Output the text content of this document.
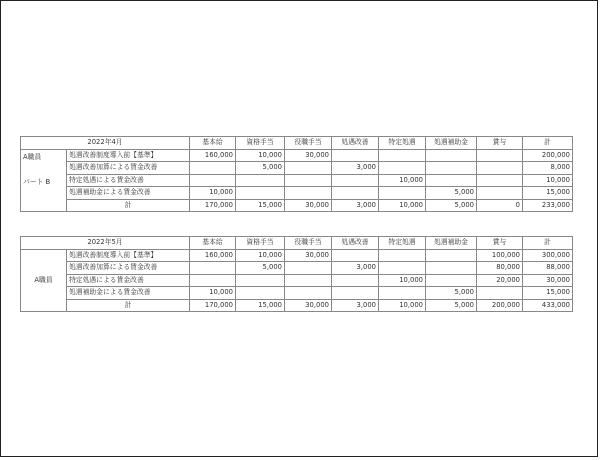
2022年4月		基本給	資格手当	役職手当	処遇改善	特定処遇	処遇補助金	賞与	計

A職員
パート B	処遇改善制度導入前【基準】	160,000	10,000	30,000					200,000
	処遇改善加算による賃金改善		5,000		3,000				8,000
	特定処遇による賃金改善					10,000			10,000
	処遇補助金による賃金改善	10,000					5,000		15,000
	計	170,000	15,000	30,000	3,000	10,000	5,000	0	233,000
2022年5月		基本給	資格手当	役職手当	処遇改善	特定処遇	処遇補助金	賞与	計
A職員	処遇改善制度導入前【基準】	160,000	10,000	30,000				100,000	300,000
	処遇改善加算による賃金改善		5,000		3,000			80,000	88,000
	特定処遇による賃金改善					10,000		20,000	30,000
	処遇補助金による賃金改善	10,000					5,000		15,000
	計	170,000	15,000	30,000	3,000	10,000	5,000	200,000	433,000
